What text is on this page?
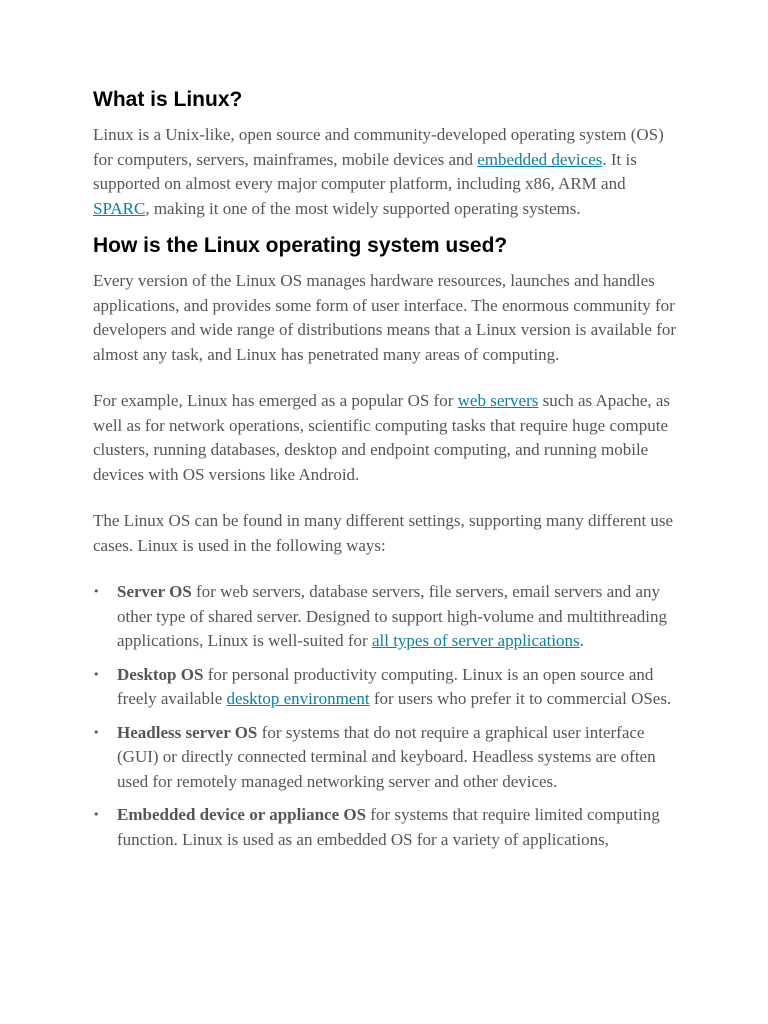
What is Linux?

Linux is a Unix-like, open source and community-developed operating system (OS) for computers, servers, mainframes, mobile devices and embedded devices. It is supported on almost every major computer platform, including x86, ARM and SPARC, making it one of the most widely supported operating systems.

How is the Linux operating system used?

Every version of the Linux OS manages hardware resources, launches and handles applications, and provides some form of user interface. The enormous community for developers and wide range of distributions means that a Linux version is available for almost any task, and Linux has penetrated many areas of computing.

For example, Linux has emerged as a popular OS for web servers such as Apache, as well as for network operations, scientific computing tasks that require huge compute clusters, running databases, desktop and endpoint computing, and running mobile devices with OS versions like Android.

The Linux OS can be found in many different settings, supporting many different use cases. Linux is used in the following ways:

• Server OS for web servers, database servers, file servers, email servers and any other type of shared server. Designed to support high-volume and multithreading applications, Linux is well-suited for all types of server applications.
• Desktop OS for personal productivity computing. Linux is an open source and freely available desktop environment for users who prefer it to commercial OSes.
• Headless server OS for systems that do not require a graphical user interface (GUI) or directly connected terminal and keyboard. Headless systems are often used for remotely managed networking server and other devices.
• Embedded device or appliance OS for systems that require limited computing function. Linux is used as an embedded OS for a variety of applications,
